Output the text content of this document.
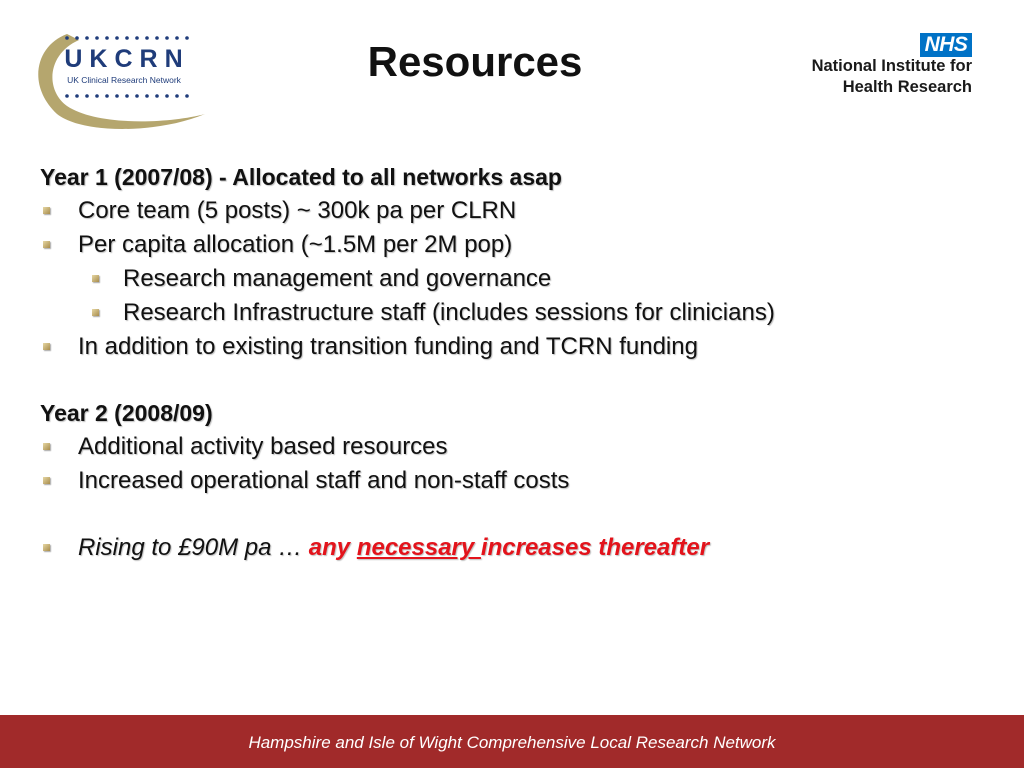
UKCRN
UK Clinical Research Network	Resources	NHS
National Institute for
Health Research
Year 1 (2007/08) - Allocated to all networks asap
Core team (5 posts) ~ 300k pa per CLRN
Per capita allocation (~1.5M per 2M pop)
Research management and governance
Research Infrastructure staff (includes sessions for clinicians)
In addition to existing transition funding and TCRN funding
Year 2 (2008/09)
Additional activity based resources
Increased operational staff and non-staff costs
Rising to £90M pa … any necessary increases thereafter
Hampshire and Isle of Wight Comprehensive Local Research Network
